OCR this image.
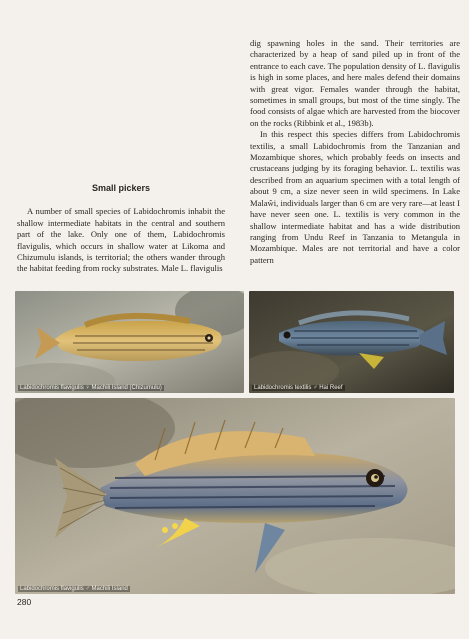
dig spawning holes in the sand. Their territories are characterized by a heap of sand piled up in front of the entrance to each cave. The population density of L. flavigulis is high in some places, and here males defend their domains with great vigor. Females wander through the habitat, sometimes in small groups, but most of the time singly. The food consists of algae which are harvested from the biocover on the rocks (Ribbink et al., 1983b).

In this respect this species differs from Labidochromis textilis, a small Labidochromis from the Tanzanian and Mozambique shores, which probably feeds on insects and crustaceans judging by its foraging behavior. L. textilis was described from an aquarium specimen with a total length of about 9 cm, a size never seen in wild specimens. In Lake Malaŵi, individuals larger than 6 cm are very rare—at least I have never seen one. L. textilis is very common in the shallow intermediate habitat and has a wide distribution ranging from Undu Reef in Tanzania to Metangula in Mozambique. Males are not territorial and have a color pattern

Small pickers

A number of small species of Labidochromis inhabit the shallow intermediate habitats in the central and southern part of the lake. Only one of them, Labidochromis flavigulis, which occurs in shallow water at Likoma and Chizumulu islands, is territorial; the others wander through the habitat feeding from rocky substrates. Male L. flavigulis

Labidochromis flavigulis ♀ Machili Island (Chizumulu)	Labidochromis textilis ♂ Hai Reef
Labidochromis flavigulis ♂ Machili Island
280
